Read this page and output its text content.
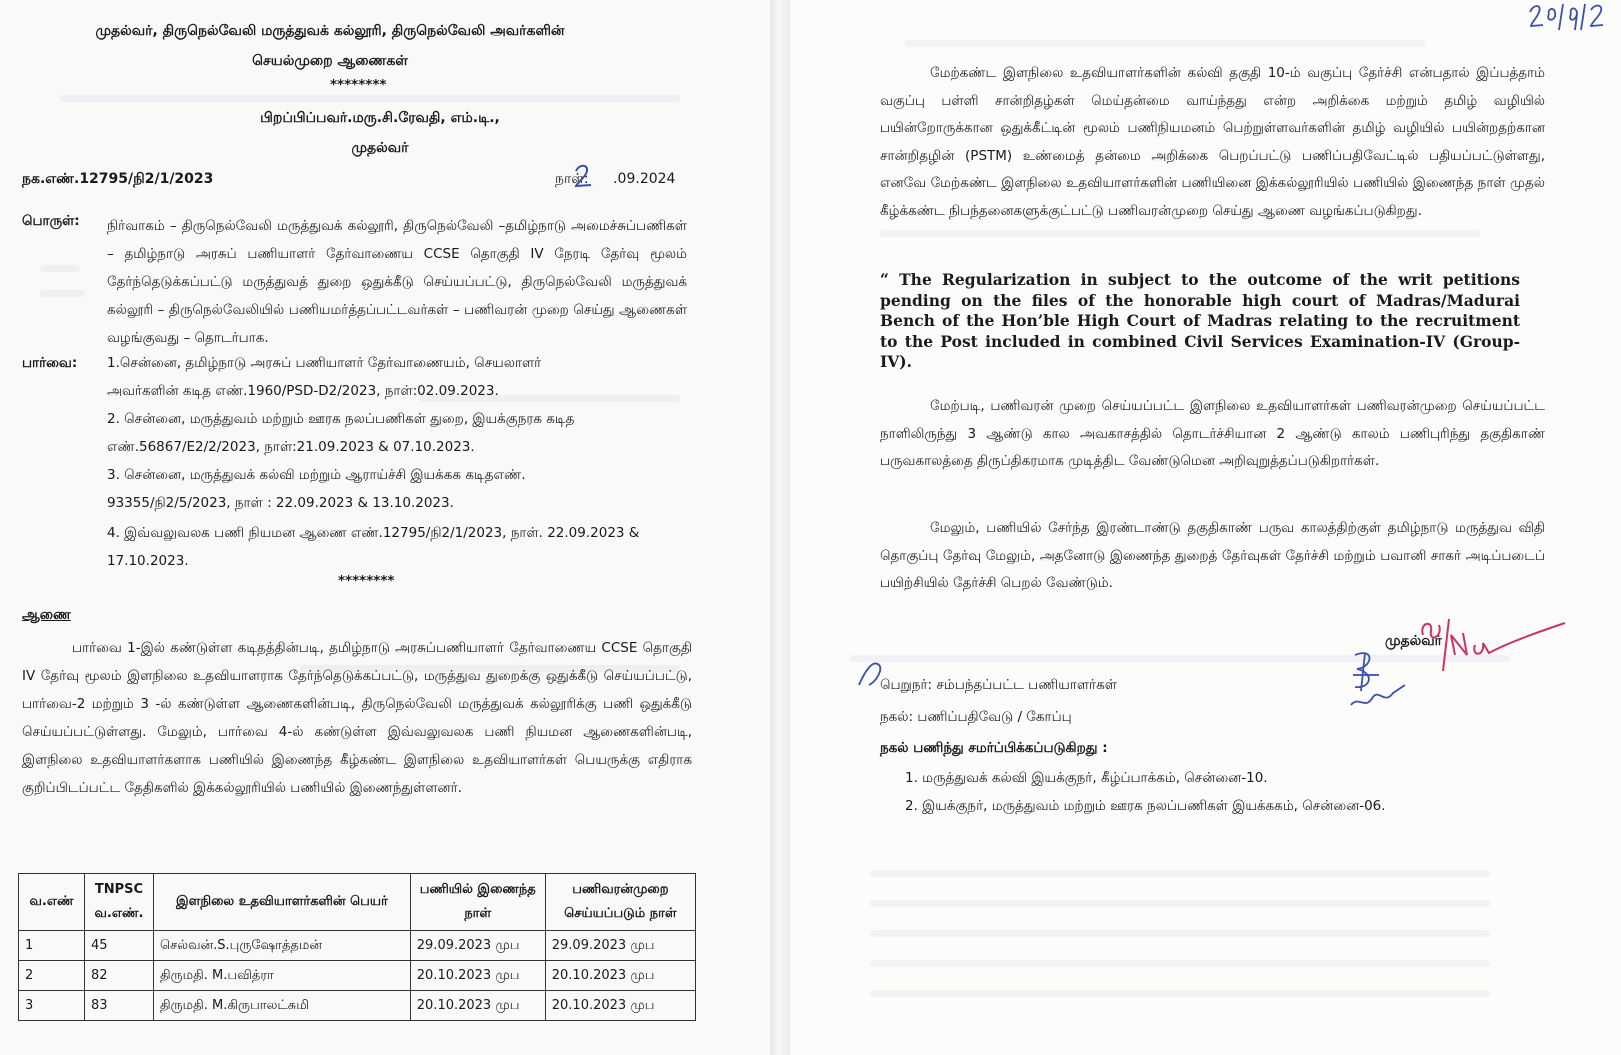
முதல்வர், திருநெல்வேலி மருத்துவக் கல்லூரி, திருநெல்வேலி அவர்களின்
செயல்முறை ஆணைகள்
********
பிறப்பிப்பவர்.மரு.சி.ரேவதி, எம்.டி.,
முதல்வர்
நக.எண்.12795/நி2/1/2023	நாள்: .09.2024
பொருள்: நிர்வாகம் – திருநெல்வேலி மருத்துவக் கல்லூரி, திருநெல்வேலி –தமிழ்நாடு அமைச்சுப்பணிகள் – தமிழ்நாடு அரசுப் பணியாளர் தேர்வாணைய CCSE தொகுதி IV நேரடி தேர்வு மூலம் தேர்ந்தெடுக்கப்பட்டு மருத்துவத் துறை ஒதுக்கீடு செய்யப்பட்டு, திருநெல்வேலி மருத்துவக் கல்லூரி – திருநெல்வேலியில் பணியமர்த்தப்பட்டவர்கள் – பணிவரன் முறை செய்து ஆணைகள் வழங்குவது – தொடர்பாக.
பார்வை: 1.சென்னை, தமிழ்நாடு அரசுப் பணியாளர் தேர்வாணையம், செயலாளர்
அவர்களின் கடித எண்.1960/PSD-D2/2023, நாள்:02.09.2023.
2. சென்னை, மருத்துவம் மற்றும் ஊரக நலப்பணிகள் துறை, இயக்குநரக கடித
எண்.56867/E2/2/2023, நாள்:21.09.2023 & 07.10.2023.
3. சென்னை, மருத்துவக் கல்வி மற்றும் ஆராய்ச்சி இயக்கக கடிதஎண்.
93355/நி2/5/2023, நாள் : 22.09.2023 & 13.10.2023.
4. இவ்வலுவலக பணி நியமன ஆணை எண்.12795/நி2/1/2023, நாள். 22.09.2023 &
17.10.2023.
********
ஆணை
பார்வை 1-இல் கண்டுள்ள கடிதத்தின்படி, தமிழ்நாடு அரசுப்பணியாளர் தேர்வாணைய CCSE தொகுதி IV தேர்வு மூலம் இளநிலை உதவியாளராக தேர்ந்தெடுக்கப்பட்டு, மருத்துவ துறைக்கு ஒதுக்கீடு செய்யப்பட்டு, பார்வை-2 மற்றும் 3 -ல் கண்டுள்ள ஆணைகளின்படி, திருநெல்வேலி மருத்துவக் கல்லூரிக்கு பணி ஒதுக்கீடு செய்யப்பட்டுள்ளது. மேலும், பார்வை 4-ல் கண்டுள்ள இவ்வலுவலக பணி நியமன ஆணைகளின்படி, இளநிலை உதவியாளர்களாக பணியில் இணைந்த கீழ்கண்ட இளநிலை உதவியாளர்கள் பெயருக்கு எதிராக குறிப்பிடப்பட்ட தேதிகளில் இக்கல்லூரியில் பணியில் இணைந்துள்ளனர்.
வ.எண்	TNPSC வ.எண்.	இளநிலை உதவியாளர்களின் பெயர்	பணியில் இணைந்த நாள்	பணிவரன்முறை செய்யப்படும் நாள்
1	45	செல்வன்.S.புருஷோத்தமன்	29.09.2023 முப	29.09.2023 முப
2	82	திருமதி. M.பவித்ரா	20.10.2023 முப	20.10.2023 முப
3	83	திருமதி. M.கிருபாலட்சுமி	20.10.2023 முப	20.10.2023 முப
மேற்கண்ட இளநிலை உதவியாளர்களின் கல்வி தகுதி 10-ம் வகுப்பு தேர்ச்சி என்பதால் இப்பத்தாம் வகுப்பு பள்ளி சான்றிதழ்கள் மெய்தன்மை வாய்ந்தது என்ற அறிக்கை மற்றும் தமிழ் வழியில் பயின்றோருக்கான ஒதுக்கீட்டின் மூலம் பணிநியமனம் பெற்றுள்ளவர்களின் தமிழ் வழியில் பயின்றதற்கான சான்றிதழின் (PSTM) உண்மைத் தன்மை அறிக்கை பெறப்பட்டு பணிப்பதிவேட்டில் பதியப்பட்டுள்ளது, எனவே மேற்கண்ட இளநிலை உதவியாளர்களின் பணியினை இக்கல்லூரியில் பணியில் இணைந்த நாள் முதல் கீழ்க்கண்ட நிபந்தனைகளுக்குட்பட்டு பணிவரன்முறை செய்து ஆணை வழங்கப்படுகிறது.
“ The Regularization in subject to the outcome of the writ petitions pending on the files of the honorable high court of Madras/Madurai Bench of the Hon’ble High Court of Madras relating to the recruitment to the Post included in combined Civil Services Examination-IV (Group-IV).
மேற்படி, பணிவரன் முறை செய்யப்பட்ட இளநிலை உதவியாளர்கள் பணிவரன்முறை செய்யப்பட்ட நாளிலிருந்து 3 ஆண்டு கால அவகாசத்தில் தொடர்ச்சியான 2 ஆண்டு காலம் பணிபுரிந்து தகுதிகாண் பருவகாலத்தை திருப்திகரமாக முடித்திட வேண்டுமென அறிவுறுத்தப்படுகிறார்கள்.
மேலும், பணியில் சேர்ந்த இரண்டாண்டு தகுதிகாண் பருவ காலத்திற்குள் தமிழ்நாடு மருத்துவ விதி தொகுப்பு தேர்வு மேலும், அதனோடு இணைந்த துறைத் தேர்வுகள் தேர்ச்சி மற்றும் பவானி சாகர் அடிப்படைப் பயிற்சியில் தேர்ச்சி பெறல் வேண்டும்.
முதல்வர்
பெறுநர்: சம்பந்தப்பட்ட பணியாளர்கள்
நகல்: பணிப்பதிவேடு / கோப்பு
நகல் பணிந்து சமர்ப்பிக்கப்படுகிறது :
1. மருத்துவக் கல்வி இயக்குநர், கீழ்ப்பாக்கம், சென்னை-10.
2. இயக்குநர், மருத்துவம் மற்றும் ஊரக நலப்பணிகள் இயக்ககம், சென்னை-06.
